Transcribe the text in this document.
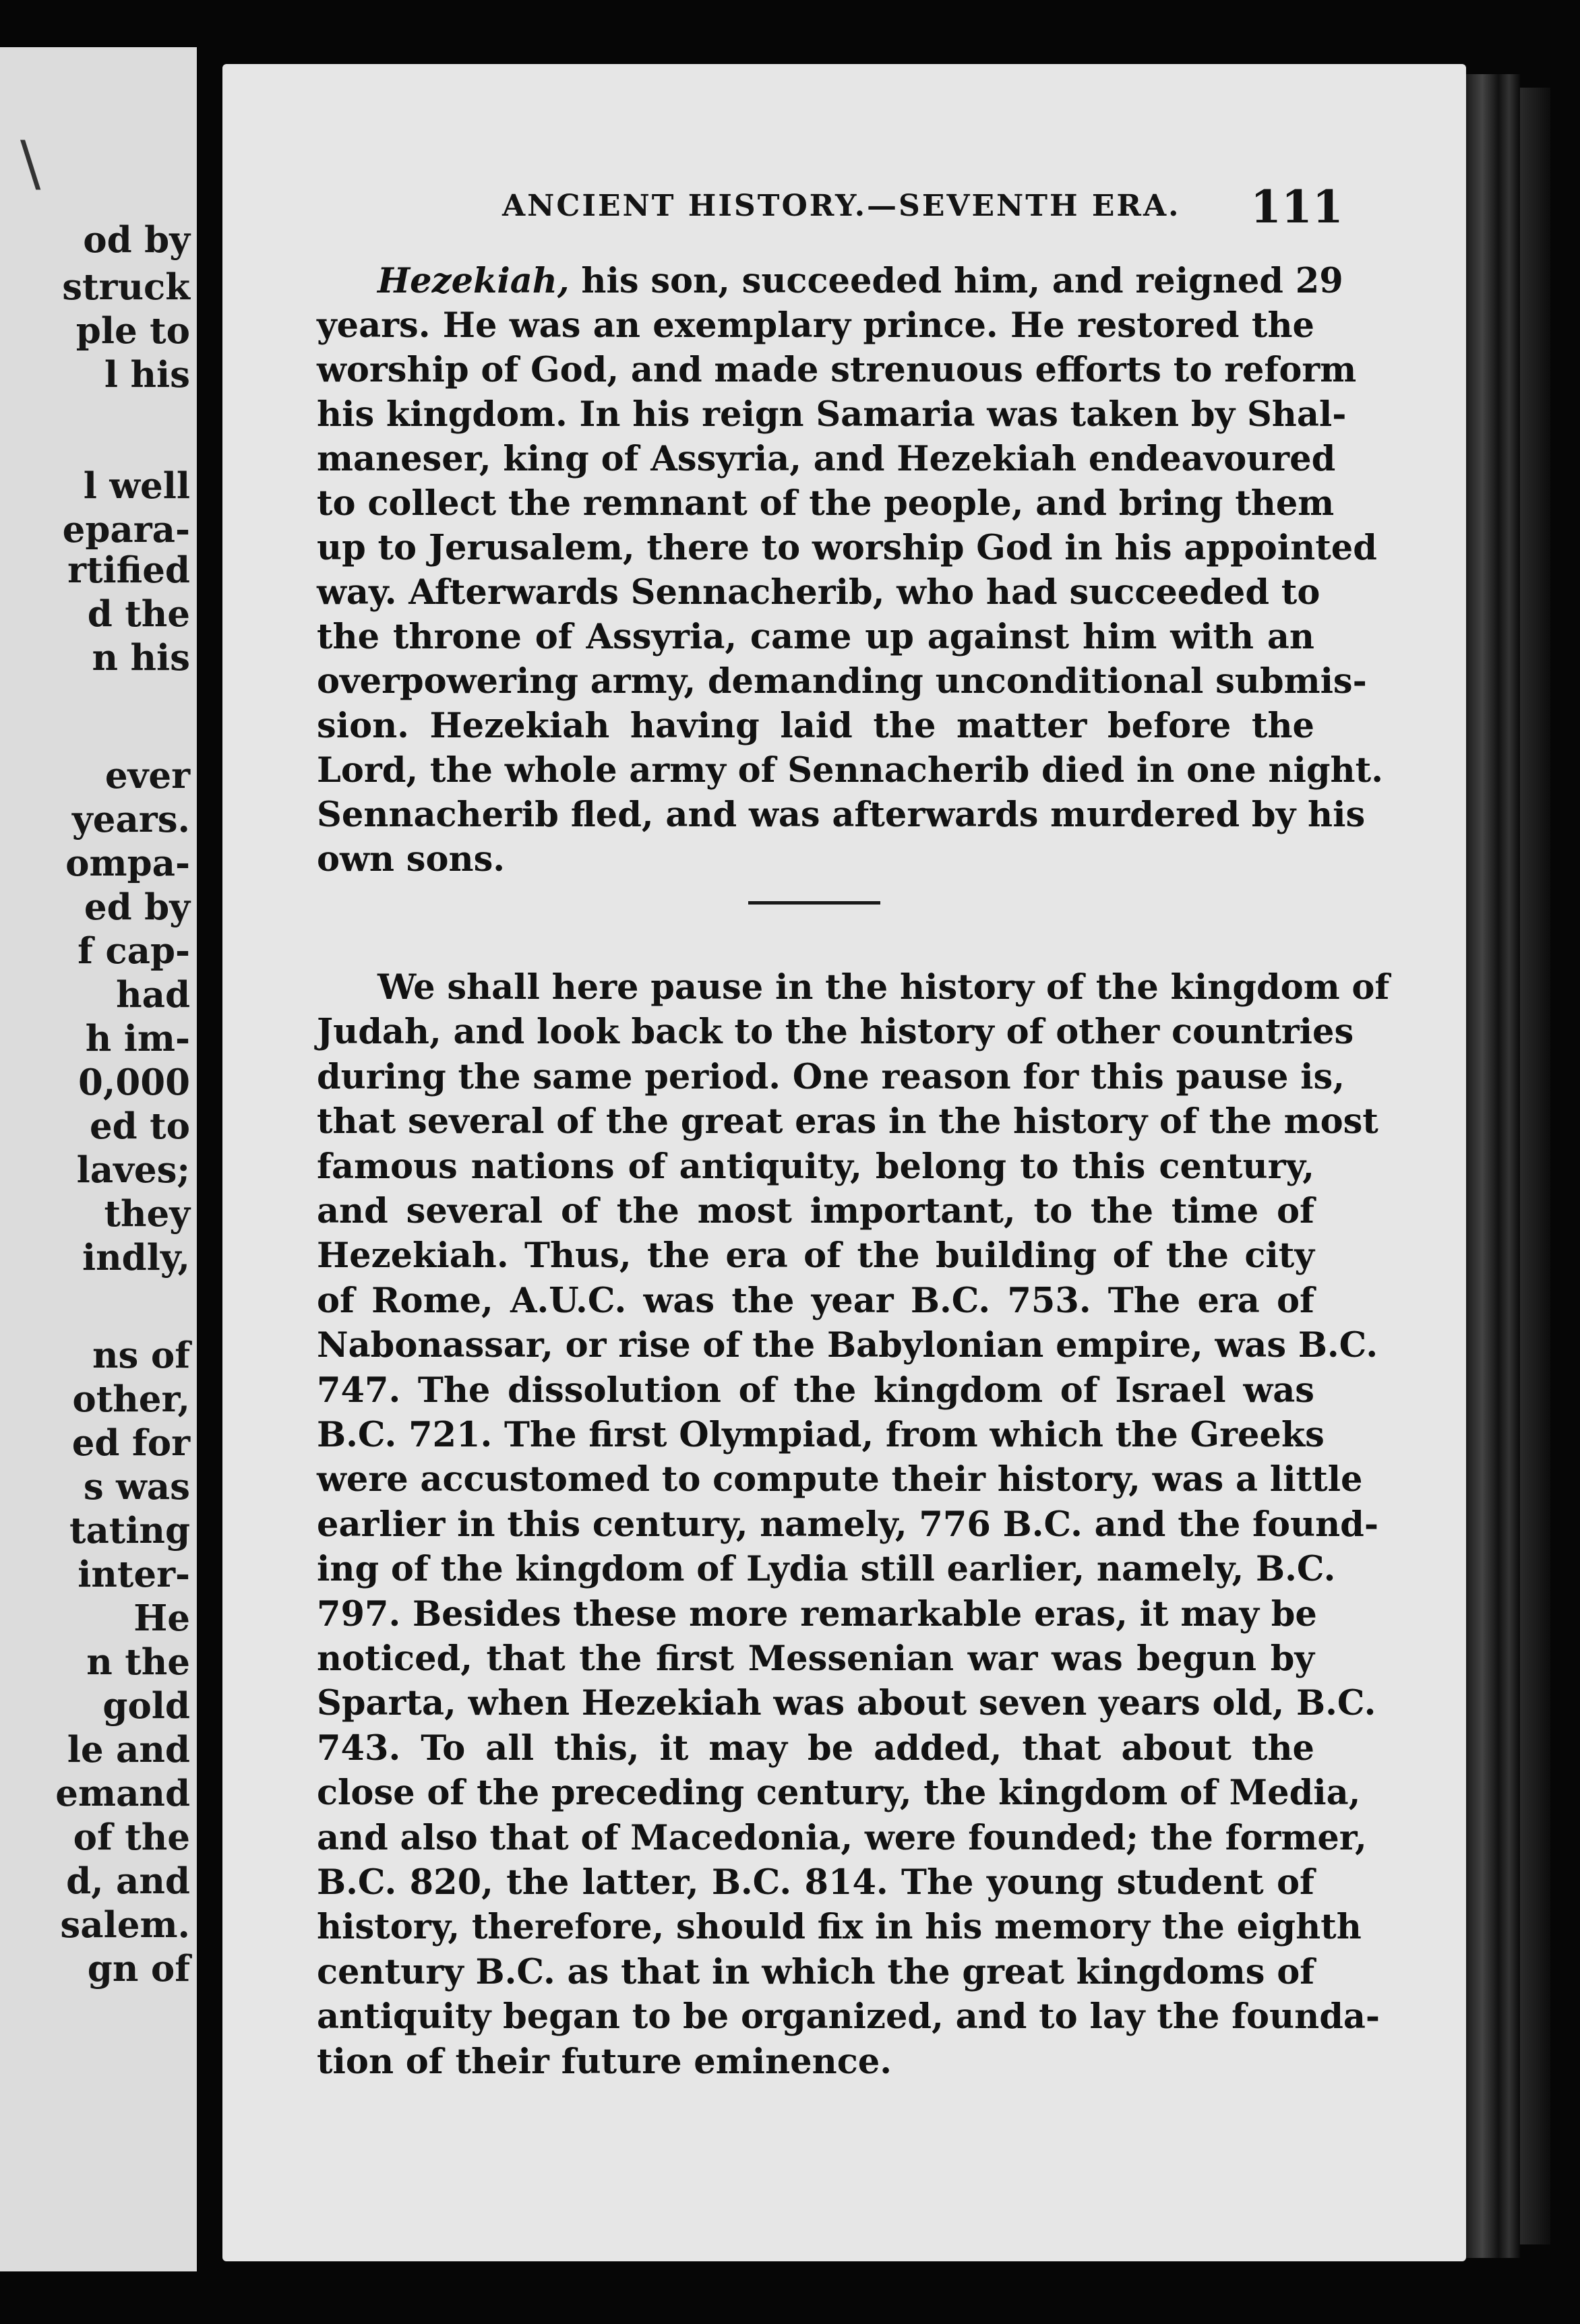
\
od by
struck
ple to
l his
l well
epara-
rtified
d the
n his
ever
years.
ompa-
ed by
f cap-
had
h im-
0,000
ed to
laves;
they
indly,
ns of
other,
ed for
s was
tating
inter-
He
n the
gold
le and
emand
of the
d, and
salem.
gn of
ANCIENT HISTORY.—SEVENTH ERA. 111
Hezekiah, his son, succeeded him, and reigned 29
years. He was an exemplary prince. He restored the
worship of God, and made strenuous efforts to reform
his kingdom. In his reign Samaria was taken by Shal-
maneser, king of Assyria, and Hezekiah endeavoured
to collect the remnant of the people, and bring them
up to Jerusalem, there to worship God in his appointed
way. Afterwards Sennacherib, who had succeeded to
the throne of Assyria, came up against him with an
overpowering army, demanding unconditional submis-
sion. Hezekiah having laid the matter before the
Lord, the whole army of Sennacherib died in one night.
Sennacherib fled, and was afterwards murdered by his
own sons.
We shall here pause in the history of the kingdom of
Judah, and look back to the history of other countries
during the same period. One reason for this pause is,
that several of the great eras in the history of the most
famous nations of antiquity, belong to this century,
and several of the most important, to the time of
Hezekiah. Thus, the era of the building of the city
of Rome, A.U.C. was the year B.C. 753. The era of
Nabonassar, or rise of the Babylonian empire, was B.C.
747. The dissolution of the kingdom of Israel was
B.C. 721. The first Olympiad, from which the Greeks
were accustomed to compute their history, was a little
earlier in this century, namely, 776 B.C. and the found-
ing of the kingdom of Lydia still earlier, namely, B.C.
797. Besides these more remarkable eras, it may be
noticed, that the first Messenian war was begun by
Sparta, when Hezekiah was about seven years old, B.C.
743. To all this, it may be added, that about the
close of the preceding century, the kingdom of Media,
and also that of Macedonia, were founded; the former,
B.C. 820, the latter, B.C. 814. The young student of
history, therefore, should fix in his memory the eighth
century B.C. as that in which the great kingdoms of
antiquity began to be organized, and to lay the founda-
tion of their future eminence.
